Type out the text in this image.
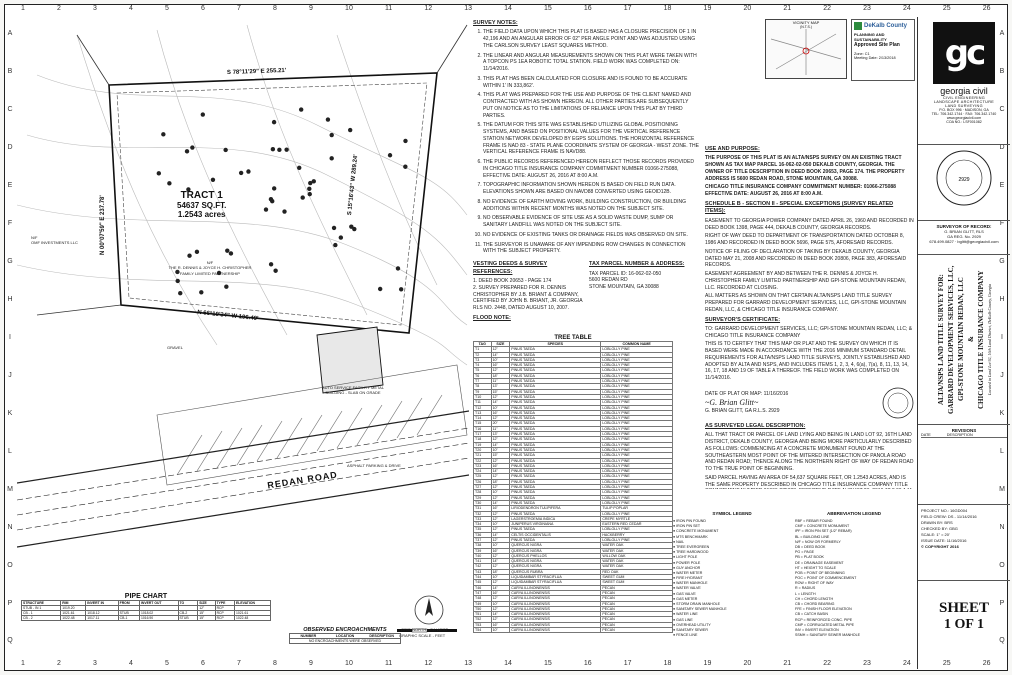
1	2	3	4	5	6	7	8	9	10	11	12	13	14	15	16	17	18	19	20	21	22	23	24	25	26
1	2	3	4	5	6	7	8	9	10	11	12	13	14	15	16	17	18	19	20	21	22	23	24	25	26
A
B
C
D
E
F
G
H
I
J
K
L
M
N
O
P
Q
A
B
C
D
E
F
G
H
I
J
K
L
M
N
O
P
Q
TRACT 1
54637 SQ.FT.
1.2543 acres
S 78°11'29" E 255.21'
S 15°16'43" W 289.24'
N 66°19'34" W 196.49'
N 00°07'59" E 237.78'
REDAN ROAD
N/F
THE R. DENNIS & JOYCE H. CHRISTOPHER FAMILY LIMITED PARTNERSHIP
N/F
OMF INVESTMENTS LLC
AUTO SERVICE FACILITY METAL BUILDING - SLAB ON GRADE
ASPHALT PARKING & DRIVE
GRAVEL
GRID NORTH - GA WEST
GRAPHIC SCALE - FEET
PIPE CHART
STRUCTURE	RIM	INVERT IN	FROM	INVERT OUT	TO	SIZE	TYPE	ELEVATION
STUB - IN 1	1019.20					12"	RCP	
CB - 1	1021.61	1018.12	STUB	1018.02	CB-2	15"	RCP	1021.61
CB - 2	1022.48	1017.11	CB-1	1016.90	STUB	15"	RCP	1022.48
OBSERVED ENCROACHMENTS
NUMBER	LOCATION	DESCRIPTION
NO ENCROACHMENTS WERE OBSERVED
SURVEY NOTES:
1. THE FIELD DATA UPON WHICH THIS PLAT IS BASED HAS A CLOSURE PRECISION OF 1 IN 42,196 AND AN ANGULAR ERROR OF 02" PER ANGLE POINT AND WAS ADJUSTED USING THE CARLSON SURVEY LEAST SQUARES METHOD.
2. THE LINEAR AND ANGULAR MEASUREMENTS SHOWN ON THIS PLAT WERE TAKEN WITH A TOPCON PS 1EA ROBOTIC TOTAL STATION. FIELD WORK WAS COMPLETED ON: 11/14/2016.
3. THIS PLAT HAS BEEN CALCULATED FOR CLOSURE AND IS FOUND TO BE ACCURATE WITHIN 1' IN 333,862'.
4. THIS PLAT WAS PREPARED FOR THE USE AND PURPOSE OF THE CLIENT NAMED AND CONTRACTED WITH AS SHOWN HEREON. ALL OTHER PARTIES ARE SUBSEQUENTLY PUT ON NOTICE AS TO THE LIMITATIONS OF RELIANCE UPON THIS PLAT BY THIRD PARTIES.
5. THE DATUM FOR THIS SITE WAS ESTABLISHED UTILIZING GLOBAL POSITIONING SYSTEMS, AND BASED ON POSITIONAL VALUES FOR THE VERTICAL REFERENCE STATION NETWORK DEVELOPED BY EGPS SOLUTIONS. THE HORIZONTAL REFERENCE FRAME IS NAD 83 - STATE PLANE COORDINATE SYSTEM OF GEORGIA - WEST ZONE. THE VERTICAL REFERENCE FRAME IS NAVD88.
6. THE PUBLIC RECORDS REFERENCED HEREON REFLECT THOSE RECORDS PROVIDED IN CHICAGO TITLE INSURANCE COMPANY COMMITMENT NUMBER 01066-275088, EFFECTIVE DATE: AUGUST 26, 2016 AT 8:00 A.M.
7. TOPOGRAPHIC INFORMATION SHOWN HEREON IS BASED ON FIELD RUN DATA. ELEVATIONS SHOWN ARE BASED ON NAVD88 CONVERTED USING GEOID12B.
8. NO EVIDENCE OF EARTH MOVING WORK, BUILDING CONSTRUCTION, OR BUILDING ADDITIONS WITHIN RECENT MONTHS WAS NOTED ON THE SUBJECT SITE.
9. NO OBSERVABLE EVIDENCE OF SITE USE AS A SOLID WASTE DUMP, SUMP OR SANITARY LANDFILL WAS NOTED ON THE SUBJECT SITE.
10. NO EVIDENCE OF EXISTING TANKS OR DRAINAGE FIELDS WAS OBSERVED ON SITE.
11. THE SURVEYOR IS UNAWARE OF ANY IMPENDING ROW CHANGES IN CONNECTION WITH THE SUBJECT PROPERTY.
VESTING DEEDS & SURVEY REFERENCES:
1. DEED BOOK 20653 - PAGE 174
2. SURVEY PREPARED FOR R. DENNIS CHRISTOPHER BY J.B. BRIANT & COMPANY, CERTIFIED BY JOHN B. BRIANT, JR. GEORGIA RLS NO. 2448, DATED AUGUST 10, 2007.
TAX PARCEL NUMBER & ADDRESS:
TAX PARCEL ID: 16-062-02-050
5600 REDAN RD
STONE MOUNTAIN, GA 30088
FLOOD NOTE:
TREE TABLE
TAG	SIZE	SPECIES	COMMON NAME
T1	12"	PINUS TAEDA	LOBLOLLY PINE
T2	14"	PINUS TAEDA	LOBLOLLY PINE
T3	10"	PINUS TAEDA	LOBLOLLY PINE
T4	16"	PINUS TAEDA	LOBLOLLY PINE
T5	12"	PINUS TAEDA	LOBLOLLY PINE
T6	18"	PINUS TAEDA	LOBLOLLY PINE
T7	11"	PINUS TAEDA	LOBLOLLY PINE
T8	13"	PINUS TAEDA	LOBLOLLY PINE
T9	15"	PINUS TAEDA	LOBLOLLY PINE
T10	12"	PINUS TAEDA	LOBLOLLY PINE
T11	14"	PINUS TAEDA	LOBLOLLY PINE
T12	10"	PINUS TAEDA	LOBLOLLY PINE
T13	16"	PINUS TAEDA	LOBLOLLY PINE
T14	12"	PINUS TAEDA	LOBLOLLY PINE
T15	20"	PINUS TAEDA	LOBLOLLY PINE
T16	11"	PINUS TAEDA	LOBLOLLY PINE
T17	13"	PINUS TAEDA	LOBLOLLY PINE
T18	12"	PINUS TAEDA	LOBLOLLY PINE
T19	14"	PINUS TAEDA	LOBLOLLY PINE
T20	10"	PINUS TAEDA	LOBLOLLY PINE
T21	15"	PINUS TAEDA	LOBLOLLY PINE
T22	12"	PINUS TAEDA	LOBLOLLY PINE
T23	16"	PINUS TAEDA	LOBLOLLY PINE
T24	14"	PINUS TAEDA	LOBLOLLY PINE
T25	12"	PINUS TAEDA	LOBLOLLY PINE
T26	18"	PINUS TAEDA	LOBLOLLY PINE
T27	12"	PINUS TAEDA	LOBLOLLY PINE
T28	10"	PINUS TAEDA	LOBLOLLY PINE
T29	12"	PINUS TAEDA	LOBLOLLY PINE
T30	14"	PINUS TAEDA	LOBLOLLY PINE
T31	16"	LIRIODENDRON TULIPIFERA	TULIP POPLAR
T32	12"	PINUS TAEDA	LOBLOLLY PINE
T33	12"	LAGERSTROEMIA INDICA	CREPE MYRTLE
T34	10"	JUNIPERUS VIRGINIANA	EASTERN RED CEDAR
T35	12"	PINUS TAEDA	LOBLOLLY PINE
T36	14"	CELTIS OCCIDENTALIS	HACKBERRY
T37	12"	PINUS TAEDA	LOBLOLLY PINE
T38	10"	QUERCUS NIGRA	WATER OAK
T39	16"	QUERCUS NIGRA	WATER OAK
T40	12"	QUERCUS PHELLOS	WILLOW OAK
T41	14"	QUERCUS NIGRA	WATER OAK
T42	12"	QUERCUS NIGRA	WATER OAK
T43	18"	QUERCUS RUBRA	RED OAK
T44	10"	LIQUIDAMBAR STYRACIFLUA	SWEET GUM
T45	12"	LIQUIDAMBAR STYRACIFLUA	SWEET GUM
T46	14"	CARYA ILLINOINENSIS	PECAN
T47	16"	CARYA ILLINOINENSIS	PECAN
T48	12"	CARYA ILLINOINENSIS	PECAN
T49	10"	CARYA ILLINOINENSIS	PECAN
T50	12"	CARYA ILLINOINENSIS	PECAN
T51	14"	CARYA ILLINOINENSIS	PECAN
T52	12"	CARYA ILLINOINENSIS	PECAN
T53	16"	CARYA ILLINOINENSIS	PECAN
T54	10"	CARYA ILLINOINENSIS	PECAN
VICINITY MAP
(N.T.S.)	DeKalb County
PLANNING AND SUSTAINABILITY
Approved Site Plan
Zone: C1
Meeting Date: 2/13/2018
USE AND PURPOSE:
THE PURPOSE OF THIS PLAT IS AN ALTA/NSPS SURVEY ON AN EXISTING TRACT SHOWN AS TAX MAP PARCEL 16-062-02-050 DEKALB COUNTY, GEORGIA. THE OWNER OF TITLE DESCRIPTION IN DEED BOOK 20653, PAGE 174. THE PROPERTY ADDRESS IS 5600 REDAN ROAD, STONE MOUNTAIN, GA 30088.
CHICAGO TITLE INSURANCE COMPANY COMMITMENT NUMBER: 01066-275088 EFFECTIVE DATE: AUGUST 26, 2016 AT 8:00 A.M.
SCHEDULE B - SECTION II - SPECIAL EXCEPTIONS (SURVEY RELATED ITEMS):
EASEMENT TO GEORGIA POWER COMPANY DATED APRIL 26, 1960 AND RECORDED IN DEED BOOK 1398, PAGE 444, DEKALB COUNTY, GEORGIA RECORDS.
RIGHT OF WAY DEED TO DEPARTMENT OF TRANSPORTATION DATED OCTOBER 8, 1986 AND RECORDED IN DEED BOOK 5696, PAGE 575, AFORESAID RECORDS.
NOTICE OF FILING OF DECLARATION OF TAKING BY DEKALB COUNTY, GEORGIA DATED MAY 21, 2008 AND RECORDED IN DEED BOOK 20806, PAGE 383, AFORESAID RECORDS.
EASEMENT AGREEMENT BY AND BETWEEN THE R. DENNIS & JOYCE H. CHRISTOPHER FAMILY LIMITED PARTNERSHIP AND GPI-STONE MOUNTAIN REDAN, LLC. RECORDED AT CLOSING.
ALL MATTERS AS SHOWN ON THAT CERTAIN ALTA/NSPS LAND TITLE SURVEY PREPARED FOR GARRARD DEVELOPMENT SERVICES, LLC, GPI-STONE MOUNTAIN REDAN, LLC, & CHICAGO TITLE INSURANCE COMPANY.
SURVEYOR'S CERTIFICATE:
TO: GARRARD DEVELOPMENT SERVICES, LLC; GPI-STONE MOUNTAIN REDAN, LLC; & CHICAGO TITLE INSURANCE COMPANY
THIS IS TO CERTIFY THAT THIS MAP OR PLAT AND THE SURVEY ON WHICH IT IS BASED WERE MADE IN ACCORDANCE WITH THE 2016 MINIMUM STANDARD DETAIL REQUIREMENTS FOR ALTA/NSPS LAND TITLE SURVEYS, JOINTLY ESTABLISHED AND ADOPTED BY ALTA AND NSPS, AND INCLUDES ITEMS 1, 2, 3, 4, 6(a), 7(a), 8, 11, 13, 14, 16, 17, 18 AND 19 OF TABLE A THEREOF. THE FIELD WORK WAS COMPLETED ON 11/14/2016.
DATE OF PLAT OR MAP: 11/16/2016
~G. Brian Glitt~
G. BRIAN GLITT, GA R.L.S. 2929
AS SURVEYED LEGAL DESCRIPTION:
ALL THAT TRACT OR PARCEL OF LAND LYING AND BEING IN LAND LOT 92, 16TH LAND DISTRICT, DEKALB COUNTY, GEORGIA AND BEING MORE PARTICULARLY DESCRIBED AS FOLLOWS: COMMENCING AT A CONCRETE MONUMENT FOUND AT THE SOUTHEASTERN MOST POINT OF THE MITERED INTERSECTION OF PANOLA ROAD AND REDAN ROAD; THENCE ALONG THE NORTHERN RIGHT OF WAY OF REDAN ROAD TO THE TRUE POINT OF BEGINNING.
SAID PARCEL HAVING AN AREA OF 54,637 SQUARE FEET, OR 1.2543 ACRES, AND IS THE SAME PROPERTY DESCRIBED IN CHICAGO TITLE INSURANCE COMPANY TITLE
SYMBOL LEGEND	ABBREVIATION LEGEND
● IRON PIN FOUND
● IRON PIN SET
● CONCRETE MONUMENT
● MTS BENCHMARK
● NAIL
● TREE EVERGREEN
● TREE HARDWOOD
● LIGHT POLE
● POWER POLE
● GUY ANCHOR
● WATER METER
● FIRE HYDRANT
● WATER MANHOLE
● WATER VALVE
● GAS VALVE
● GAS METER
● STORM DRAIN MANHOLE
● SANITARY SEWER MANHOLE
● WATER LINE
● GAS LINE
● OVERHEAD UTILITY
● SANITARY SEWER
● FENCE LINE
RBF = REBAR FOUND
CMF = CONCRETE MONUMENT
IPF = IRON PIN SET (1/2" REBAR)
BL = BUILDING LINE
N/F = NOW OR FORMERLY
DB = DEED BOOK
PG = PAGE
PB = PLAT BOOK
DE = DRAINAGE EASEMENT
HT = HEIGHT TO SCALE
POB = POINT OF BEGINNING
POC = POINT OF COMMENCEMENT
ROW = RIGHT OF WAY
R = RADIUS
L = LENGTH
CH = CHORD LENGTH
CB = CHORD BEARING
FFE = FINISH FLOOR ELEVATION
CB = CATCH BASIN
RCP = REINFORCED CONC. PIPE
CMP = CORRUGATED METAL PIPE
INV = INVERT ELEVATION
SSMH = SANITARY SEWER MANHOLE
gc
georgia civil
CIVIL ENGINEERING
LANDSCAPE ARCHITECTURE
LAND SURVEYING
P.O. BOX 996 · MADISON, GA
TEL: 706.342.1744 · FAX: 706.342.1740
www.georgiacivil.com
COA NO.: LSF001082
2929
SURVEYOR OF RECORD:
G. BRIAN GLITT, RLS
GA REG. No. 2929
678.499.0827 · bglitt@georgiacivil.com
ALTA/NSPS LAND TITLE SURVEY FOR: GARRARD DEVELOPMENT SERVICES, LLC, GPI-STONE MOUNTAIN REDAN, LLC & CHICAGO TITLE INSURANCE COMPANY Located in Land Lot 92, 16th Land District, DeKalb County, Georgia
REVISIONS
DATE	DESCRIPTION
PROJECT NO.: 16GD004
FIELD CREW: DS - 11/14/2016
DRAWN BY: BRS
CHECKED BY: GBG
SCALE: 1" = 20'
ISSUE DATE: 11/16/2016
© COPYRIGHT 2016
SHEET
1 OF 1
